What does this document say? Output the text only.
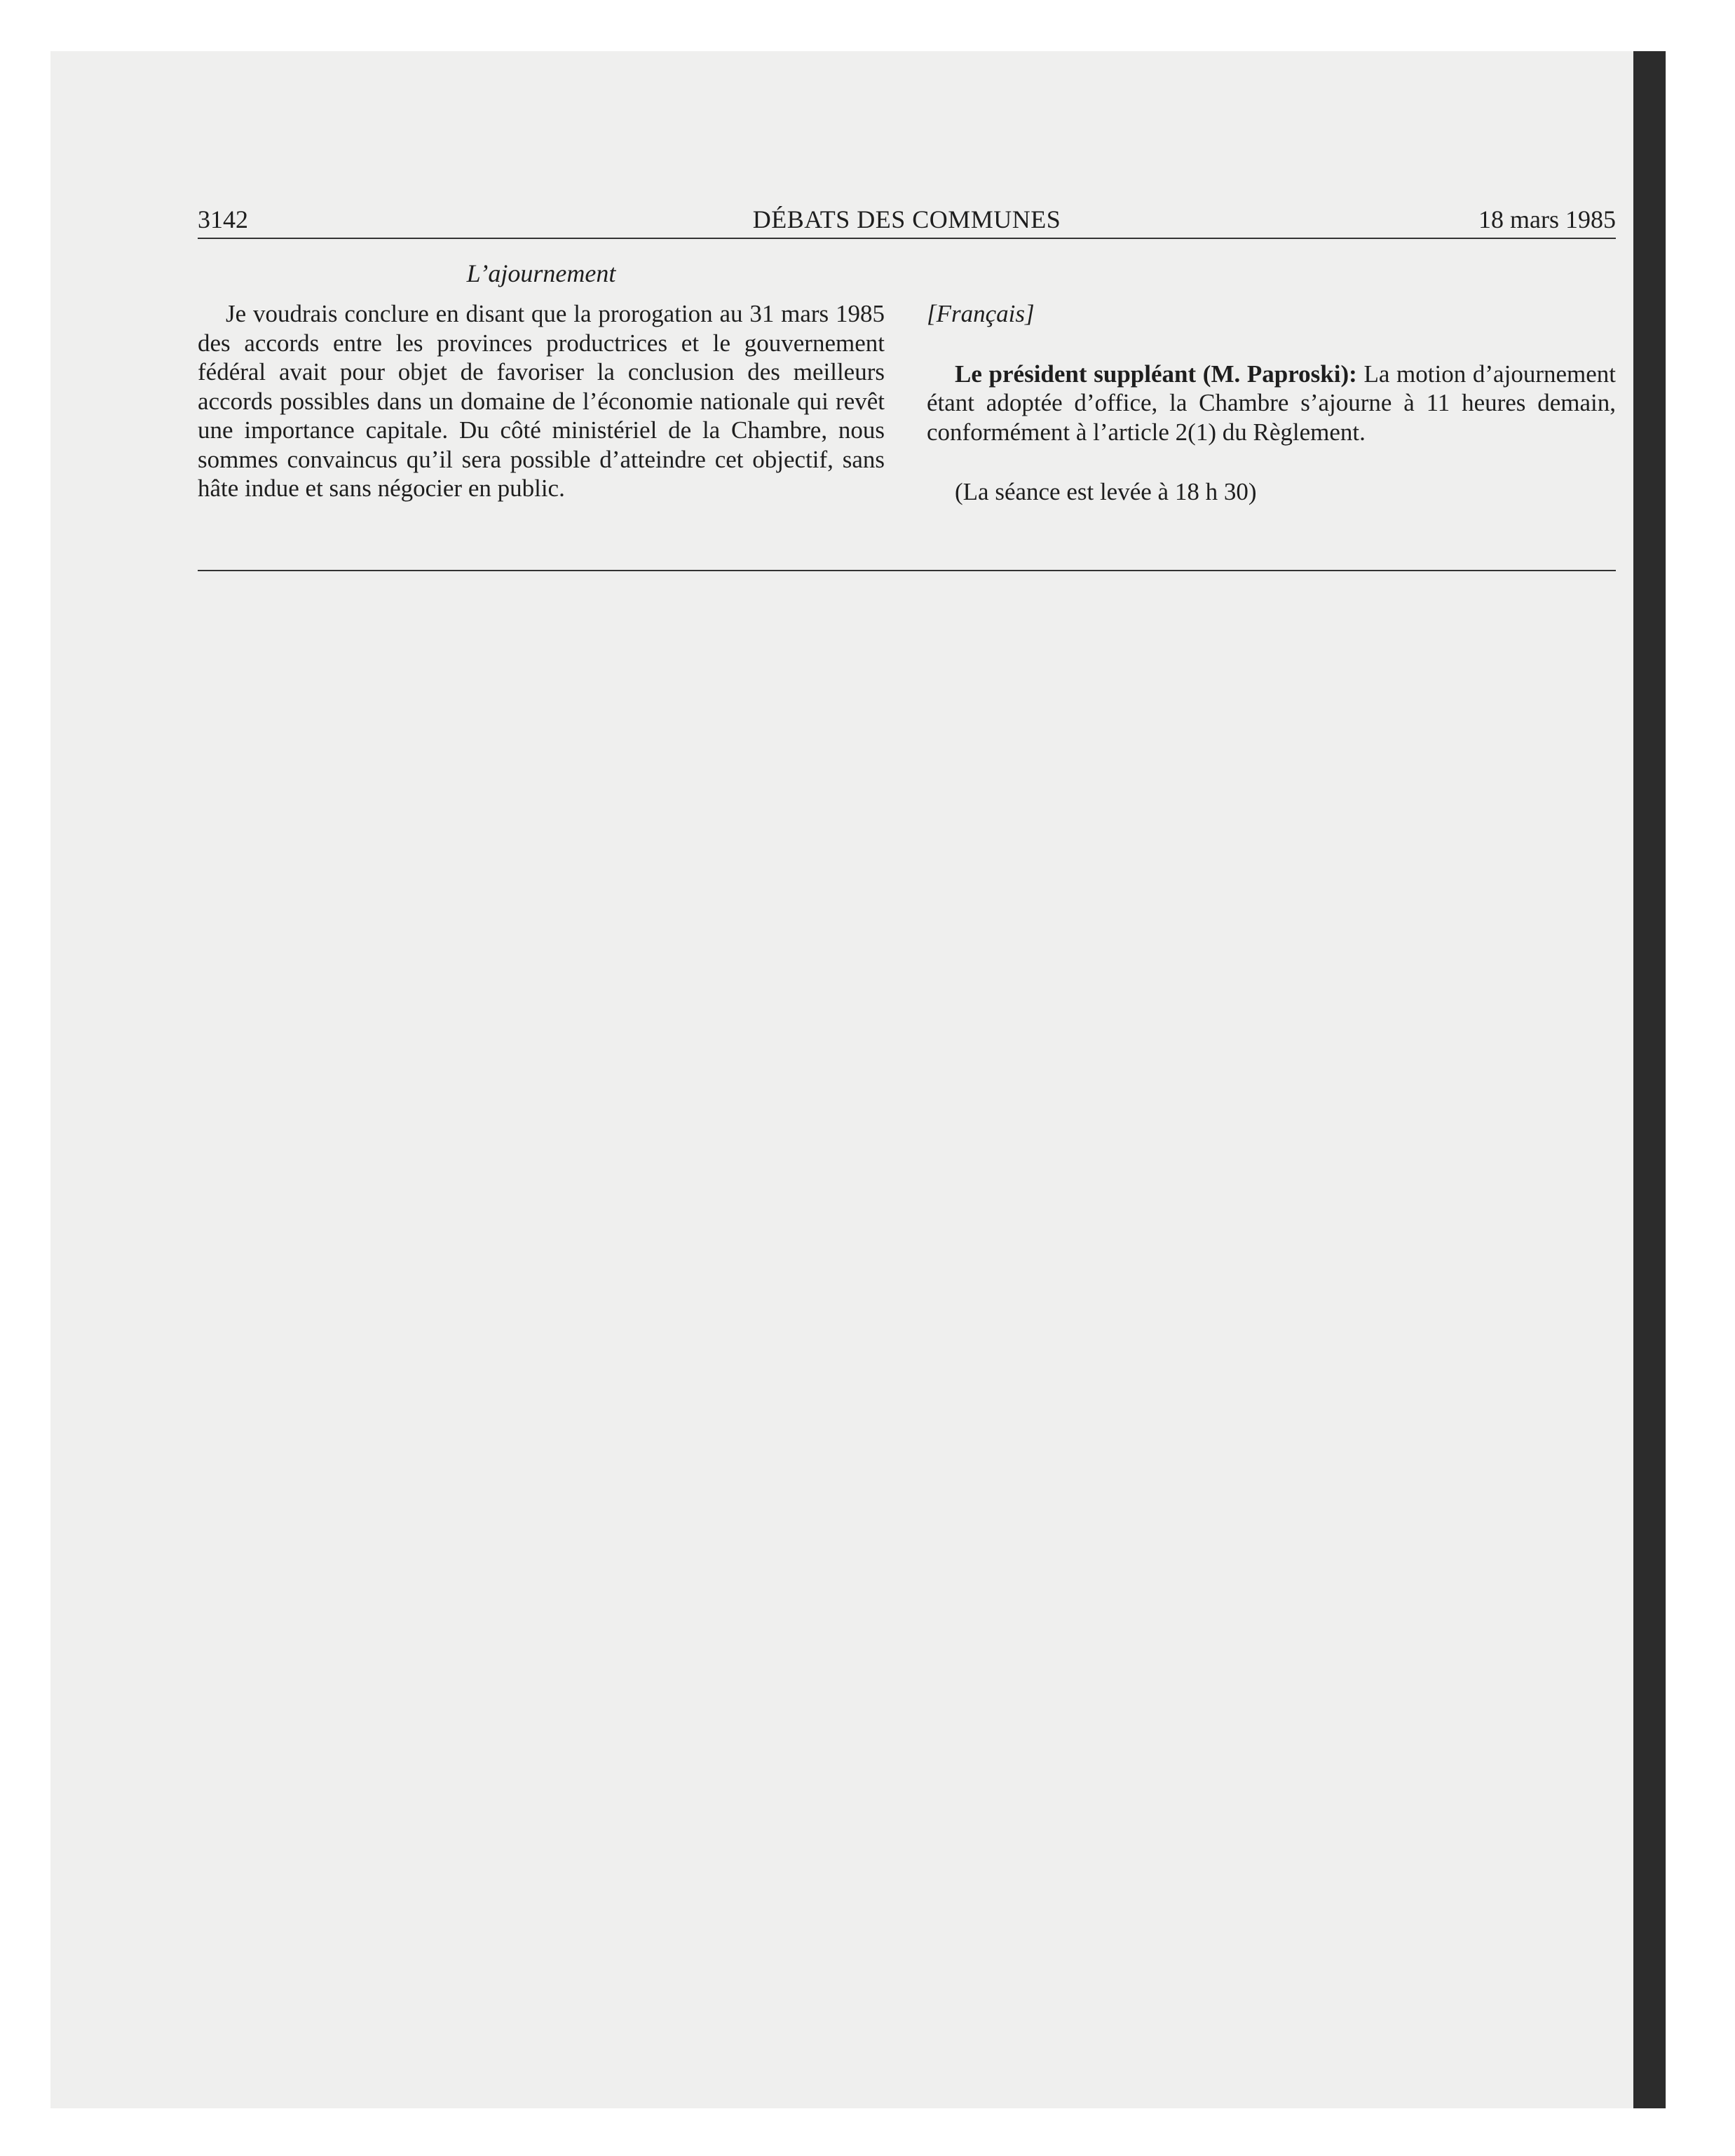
3142	DÉBATS DES COMMUNES	18 mars 1985
L’ajournement

Je voudrais conclure en disant que la prorogation au 31 mars 1985 des accords entre les provinces productrices et le gouvernement fédéral avait pour objet de favoriser la conclusion des meilleurs accords possibles dans un domaine de l’économie nationale qui revêt une importance capitale. Du côté ministériel de la Chambre, nous sommes convaincus qu’il sera possible d’atteindre cet objectif, sans hâte indue et sans négocier en public.

[Français]

Le président suppléant (M. Paproski): La motion d’ajournement étant adoptée d’office, la Chambre s’ajourne à 11 heures demain, conformément à l’article 2(1) du Règlement.

(La séance est levée à 18 h 30)
